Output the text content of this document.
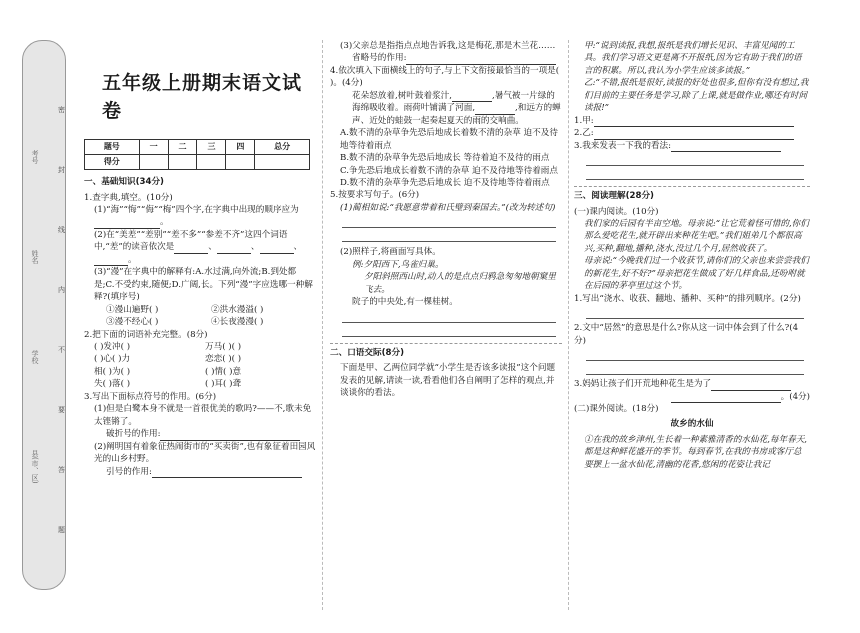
考号
姓名
学校
县(市、区)
密
封
线
内
不
要
答
题
五年级上册期末语文试卷
题号	一	二	三	四	总分
得分					
一、基础知识(34分)

1.查字典,填空。(10分)

(1)“海”“悔”“侮”“梅”四个字,在字典中出现的顺序应为。

(2)在“美差”“差别”“差不多”“参差不齐”这四个词语中,“差”的读音依次是	、	、	、。

(3)“漫”在字典中的解释有:A.水过满,向外流;B.到处都是;C.不受约束,随便;D.广阔,长。下列“漫”字应选哪一种解释?(填序号)

①漫山遍野( )	②洪水漫溢( )
③漫不经心( )	④长夜漫漫( )

2.把下面的词语补充完整。(8分)

( )发冲( )	万马( )( )
( )心( )力	恋恋( )( )
相( )为( )	( )情( )意
失( )落( )	( )耳( )聋

3.写出下面标点符号的作用。(6分)

(1)但是白鹭本身不就是一首很优美的歌吗?——不,歌未免太铿锵了。

破折号的作用:

(2)阐明国有着象征热闹街市的“买卖街”,也有象征着田园风光的山乡村野。

引号的作用:

(3)父亲总是指指点点地告诉我,这是梅花,那是木兰花……

省略号的作用:

4.依次填入下面横线上的句子,与上下文衔接最恰当的一项是( )。(4分)

花朵怒放着,树叶鼓着浆汁,	,暑气被一片绿的海绵吸收着。雨荷叶铺满了河面,	,和远方的蝉声、近处的蛙鼓一起奏起夏天的雨的交响曲。

A.数不清的杂草争先恐后地成长着数不清的杂草 迫不及待地等待着雨点

B.数不清的杂草争先恐后地成长 等待着迫不及待的雨点

C.争先恐后地成长着数不清的杂草 迫不及待地等待着雨点

D.数不清的杂草争先恐后地成长 迫不及待地等待着雨点

5.按要求写句子。(6分)

(1)蔺相如说:“我愿意带着和氏璧到秦国去。”(改为转述句)

(2)照样子,将画面写具体。

例:夕阳西下,鸟雀归巢。

夕阳斜照西山时,动人的是点点归鸦急匆匆地朝窠里飞去。

院子的中央处,有一棵桂树。

二、口语交际(8分)

下面是甲、乙两位同学就“小学生是否该多读报”这个问题发表的见解,请读一读,看看他们各自阐明了怎样的观点,并谈谈你的看法。

甲:“说到读报,我想,报纸是我们增长见识、丰富见闻的工具。我们学习语文更是离不开报纸,因为它有助于我们的语言的积累。所以,我认为小学生应该多读报。”

乙:“不错,报纸是很好,读报的好处也很多,但你有没有想过,我们目前的主要任务是学习,除了上课,就是做作业,哪还有时间读报!”

1.甲:

2.乙:

3.我来发表一下我的看法:

三、阅读理解(28分)

(一)课内阅读。(10分)

我们家的后园有半亩空地。母亲说:“让它荒着怪可惜的,你们那么爱吃花生,就开辟出来种花生吧。”我们姐弟几个都很高兴,买种,翻地,播种,浇水,没过几个月,居然收获了。

母亲说:“今晚我们过一个收获节,请你们的父亲也来尝尝我们的新花生,好不好?”母亲把花生做成了好几样食品,还吩咐就在后园的茅亭里过这个节。

1.写出“浇水、收获、翻地、播种、买种”的排列顺序。(2分)

2.文中“居然”的意思是什么?你从这一词中体会到了什么?(4分)

3.妈妈让孩子们开荒地种花生是为了

。(4分)

(二)课外阅读。(18分)

故乡的水仙

①在我的故乡津州,生长着一种素雅清香的水仙花,每年春天,都是这种鲜花盛开的季节。每到春节,在我的书房或客厅总要摆上一盆水仙花,清幽的花香,悠闲的花姿让我记
